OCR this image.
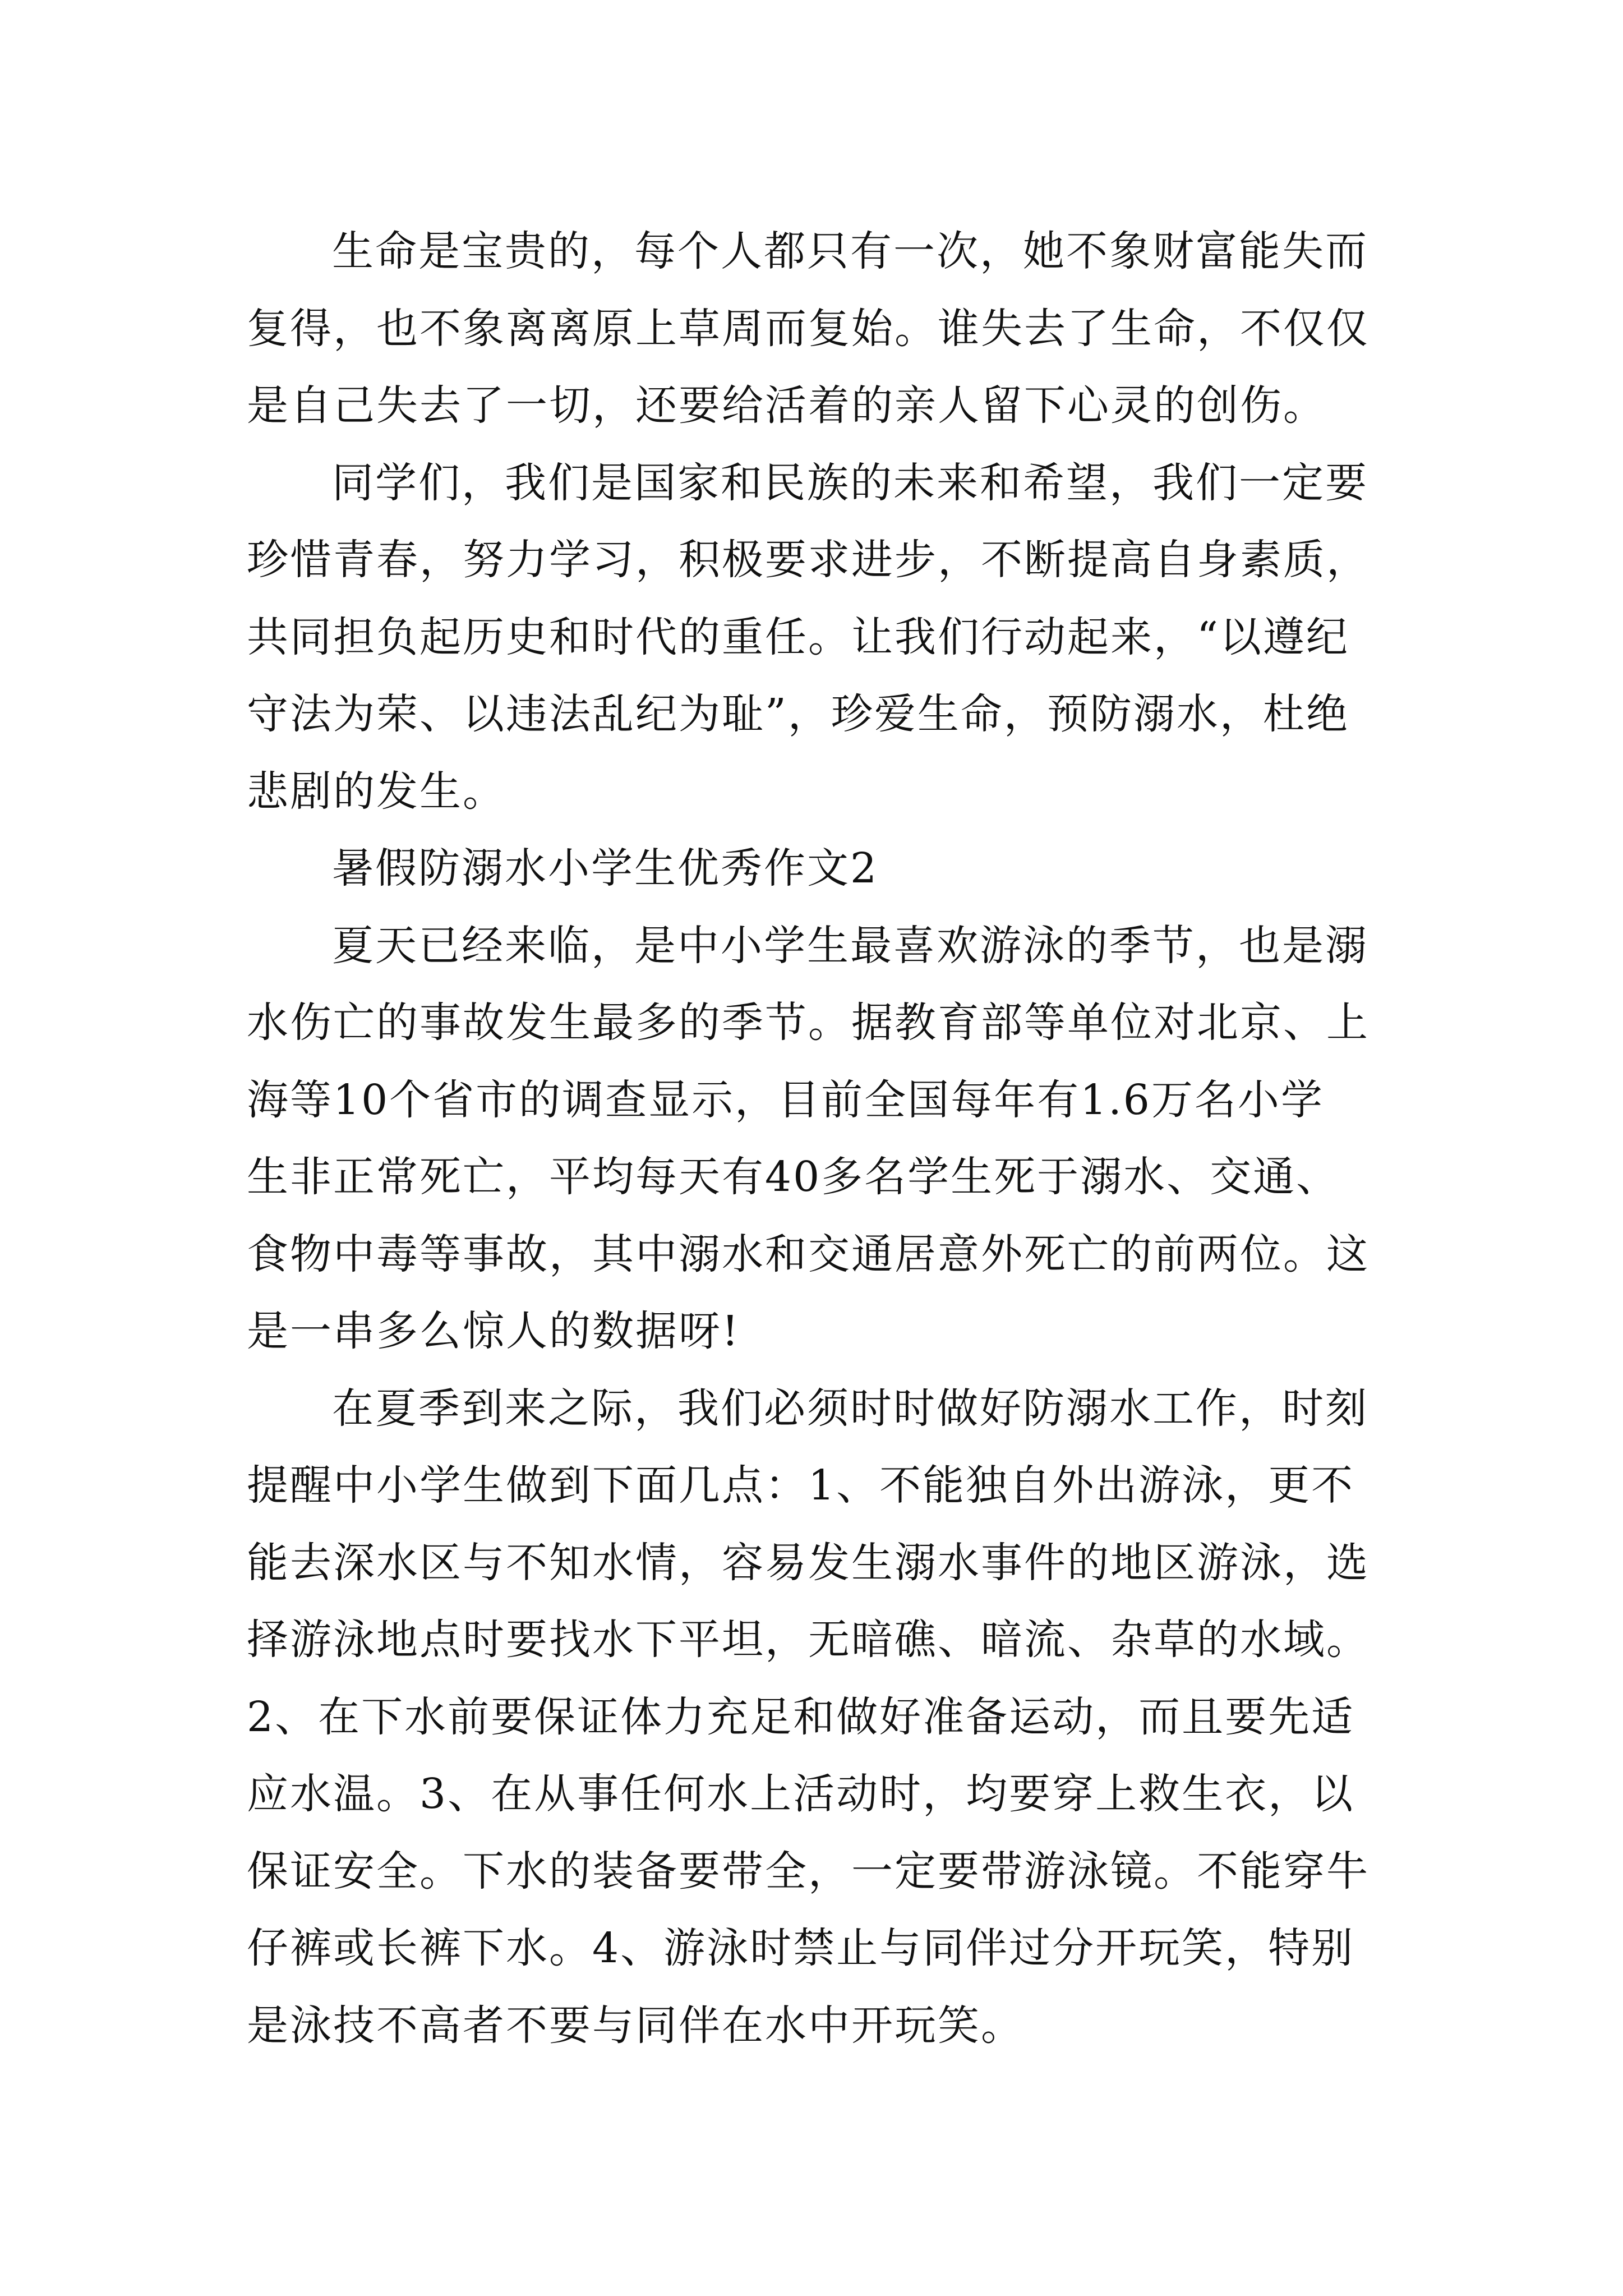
生命是宝贵的，每个人都只有一次，她不象财富能失而
复得，也不象离离原上草周而复始。谁失去了生命，不仅仅
是自己失去了一切，还要给活着的亲人留下心灵的创伤。
同学们，我们是国家和民族的未来和希望，我们一定要
珍惜青春，努力学习，积极要求进步，不断提高自身素质，
共同担负起历史和时代的重任。让我们行动起来，“以遵纪
守法为荣、以违法乱纪为耻”，珍爱生命，预防溺水，杜绝
悲剧的发生。
暑假防溺水小学生优秀作文2
夏天已经来临，是中小学生最喜欢游泳的季节，也是溺
水伤亡的事故发生最多的季节。据教育部等单位对北京、上
海等10个省市的调查显示，目前全国每年有1.6万名小学
生非正常死亡，平均每天有40多名学生死于溺水、交通、
食物中毒等事故，其中溺水和交通居意外死亡的前两位。这
是一串多么惊人的数据呀!
在夏季到来之际，我们必须时时做好防溺水工作，时刻
提醒中小学生做到下面几点：1、不能独自外出游泳，更不
能去深水区与不知水情，容易发生溺水事件的地区游泳，选
择游泳地点时要找水下平坦，无暗礁、暗流、杂草的水域。
2、在下水前要保证体力充足和做好准备运动，而且要先适
应水温。3、在从事任何水上活动时，均要穿上救生衣，以
保证安全。下水的装备要带全，一定要带游泳镜。不能穿牛
仔裤或长裤下水。4、游泳时禁止与同伴过分开玩笑，特别
是泳技不高者不要与同伴在水中开玩笑。
